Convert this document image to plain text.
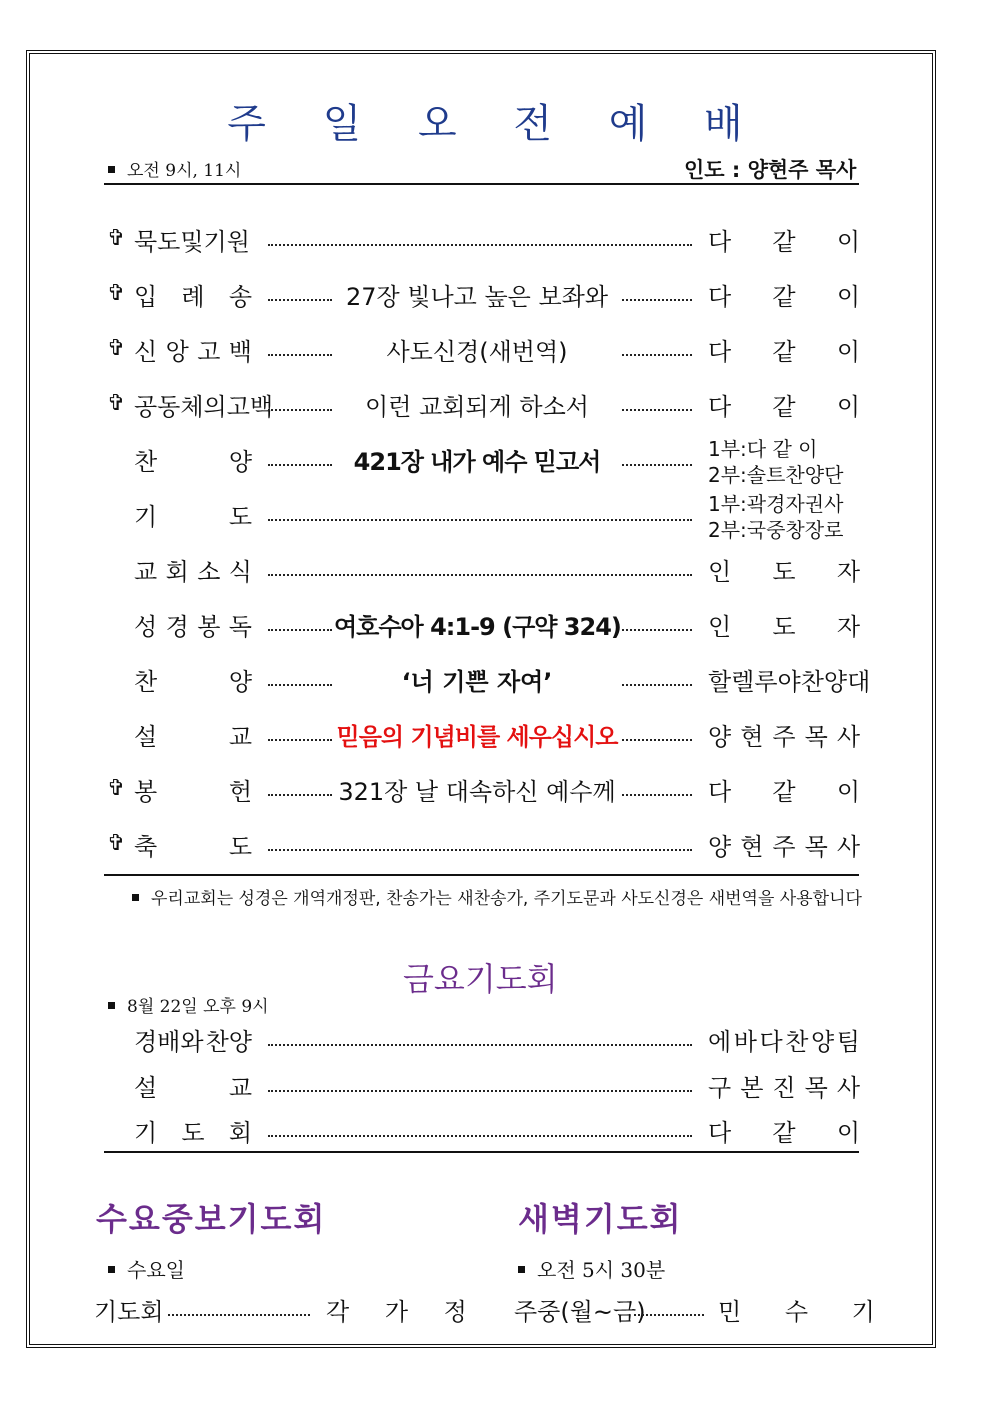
주 일 오 전 예 배
오전 9시, 11시	인도 : 양현주 목사
✞ 묵도및기원	다 같 이
✞ 입 례 송	27장 빛나고 높은 보좌와	다 같 이
✞ 신 앙 고 백	사도신경(새번역)	다 같 이
✞ 공동체의고백	이런 교회되게 하소서	다 같 이
찬	양	421장 내가 예수 믿고서	1부:다 같 이
2부:솔트찬양단
기	도	1부:곽경자권사
2부:국중창장로
교 회 소 식	인 도 자
성 경 봉 독	여호수아 4:1-9 (구약 324)	인 도 자
찬	양	‘너 기쁜 자여’	할렐루야찬양대
설	교	믿음의 기념비를 세우십시오	양 현 주 목 사
✞ 봉	헌	321장 날 대속하신 예수께	다 같 이
✞ 축	도	양 현 주 목 사
우리교회는 성경은 개역개정판, 찬송가는 새찬송가, 주기도문과 사도신경은 새번역을 사용합니다
금요기도회
8월 22일 오후 9시
경배와 찬양	에 바 다 찬 양 팀
설	교	구 본 진 목 사
기 도 회	다 같 이
수요중보기도회
수요일
기도회	각 가 정
새벽기도회
오전 5시 30분
주중(월~금)	민 수 기
